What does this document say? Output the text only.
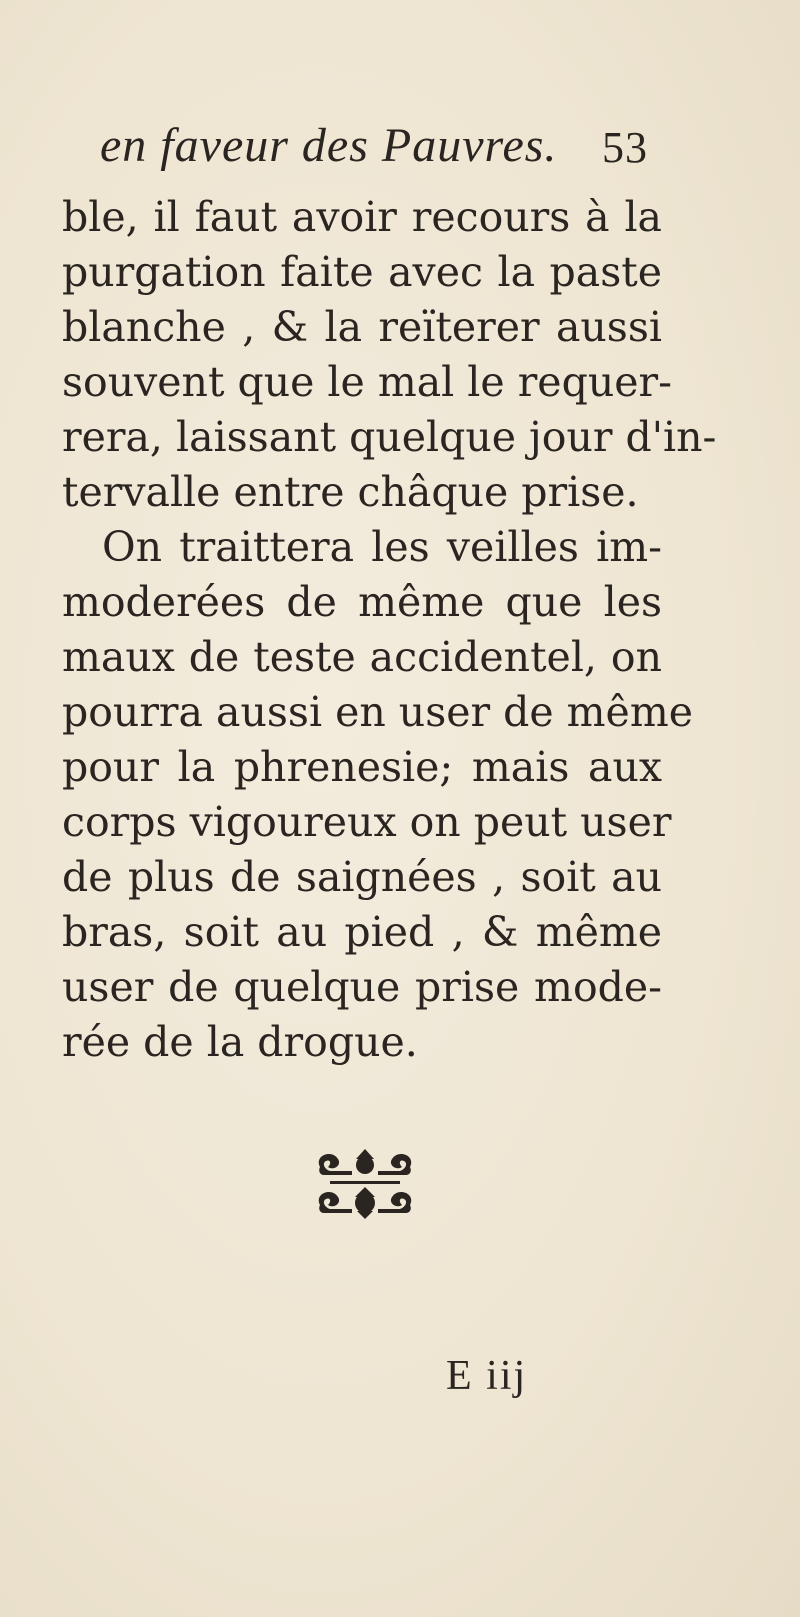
en faveur des Pauvres. 53
ble, il faut avoir recours à la
purgation faite avec la paste
blanche , & la reïterer aussi
souvent que le mal le requer-
rera, laissant quelque jour d'in-
tervalle entre châque prise.
On traittera les veilles im-
moderées de même que les
maux de teste accidentel, on
pourra aussi en user de même
pour la phrenesie; mais aux
corps vigoureux on peut user
de plus de saignées , soit au
bras, soit au pied , & même
user de quelque prise mode-
rée de la drogue.
E iij
